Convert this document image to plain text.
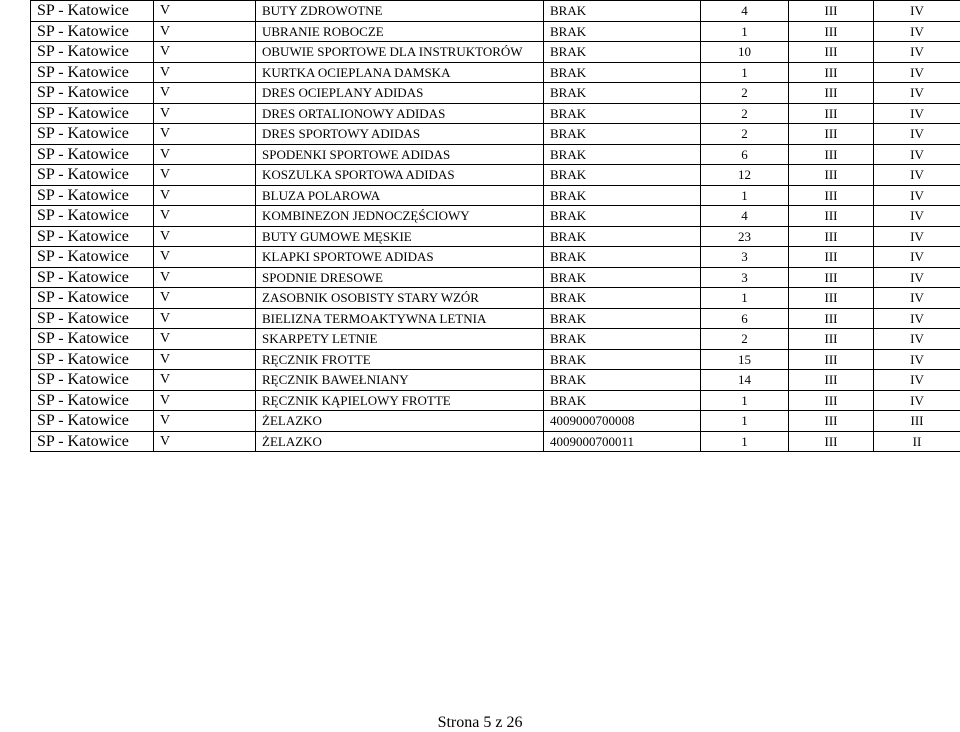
SP - Katowice	V	BUTY ZDROWOTNE	BRAK	4	III	IV
SP - Katowice	V	UBRANIE ROBOCZE	BRAK	1	III	IV
SP - Katowice	V	OBUWIE SPORTOWE DLA INSTRUKTORÓW	BRAK	10	III	IV
SP - Katowice	V	KURTKA OCIEPLANA DAMSKA	BRAK	1	III	IV
SP - Katowice	V	DRES OCIEPLANY ADIDAS	BRAK	2	III	IV
SP - Katowice	V	DRES ORTALIONOWY ADIDAS	BRAK	2	III	IV
SP - Katowice	V	DRES SPORTOWY ADIDAS	BRAK	2	III	IV
SP - Katowice	V	SPODENKI SPORTOWE ADIDAS	BRAK	6	III	IV
SP - Katowice	V	KOSZULKA SPORTOWA ADIDAS	BRAK	12	III	IV
SP - Katowice	V	BLUZA POLAROWA	BRAK	1	III	IV
SP - Katowice	V	KOMBINEZON JEDNOCZĘŚCIOWY	BRAK	4	III	IV
SP - Katowice	V	BUTY GUMOWE MĘSKIE	BRAK	23	III	IV
SP - Katowice	V	KLAPKI SPORTOWE ADIDAS	BRAK	3	III	IV
SP - Katowice	V	SPODNIE DRESOWE	BRAK	3	III	IV
SP - Katowice	V	ZASOBNIK OSOBISTY STARY WZÓR	BRAK	1	III	IV
SP - Katowice	V	BIELIZNA TERMOAKTYWNA LETNIA	BRAK	6	III	IV
SP - Katowice	V	SKARPETY LETNIE	BRAK	2	III	IV
SP - Katowice	V	RĘCZNIK FROTTE	BRAK	15	III	IV
SP - Katowice	V	RĘCZNIK BAWEŁNIANY	BRAK	14	III	IV
SP - Katowice	V	RĘCZNIK KĄPIELOWY FROTTE	BRAK	1	III	IV
SP - Katowice	V	ŻELAZKO	4009000700008	1	III	III
SP - Katowice	V	ŻELAZKO	4009000700011	1	III	II
Strona 5 z 26
